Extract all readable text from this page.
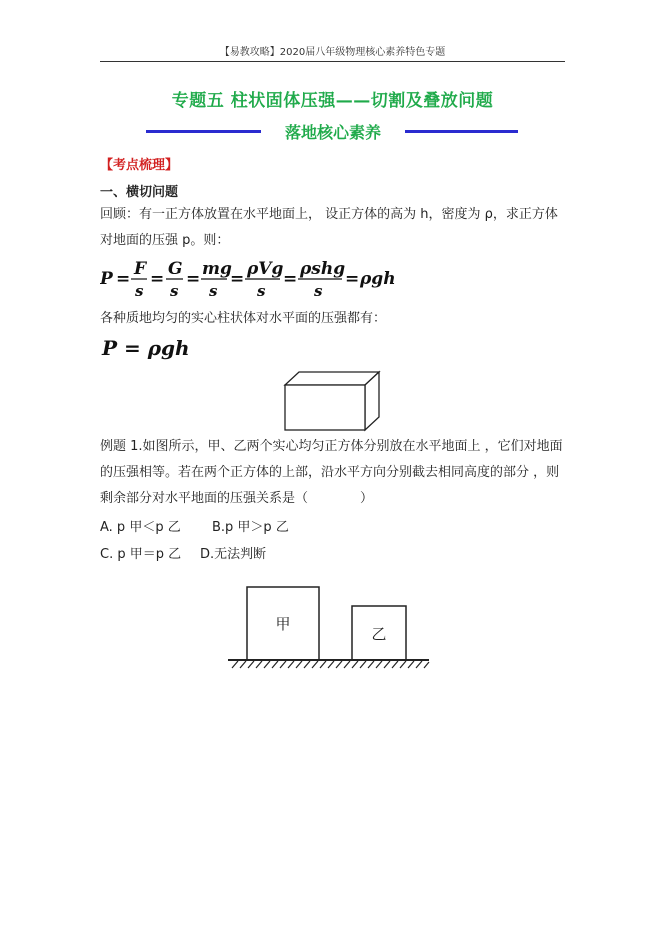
【易教攻略】2020届八年级物理核心素养特色专题
专题五 柱状固体压强——切割及叠放问题
落地核心素养
【考点梳理】
一、横切问题
回顾：有一正方体放置在水平地面上， 设正方体的高为 h，密度为 ρ，求正方体对地面的压强 p。则：
P = F
s
= G
s
= mg
s
= ρVg
s
= ρshg
s
= ρgh
各种质地均匀的实心柱状体对水平面的压强都有：
P = ρgh
例题 1.如图所示，甲、乙两个实心均匀正方体分别放在水平地面上 ，它们对地面的压强相等。若在两个正方体的上部，沿水平方向分别截去相同高度的部分 ，则剩余部分对水平地面的压强关系是（　　　　）
A. p 甲＜p 乙 B.p 甲＞p 乙
C. p 甲＝p 乙 D.无法判断
甲
乙
